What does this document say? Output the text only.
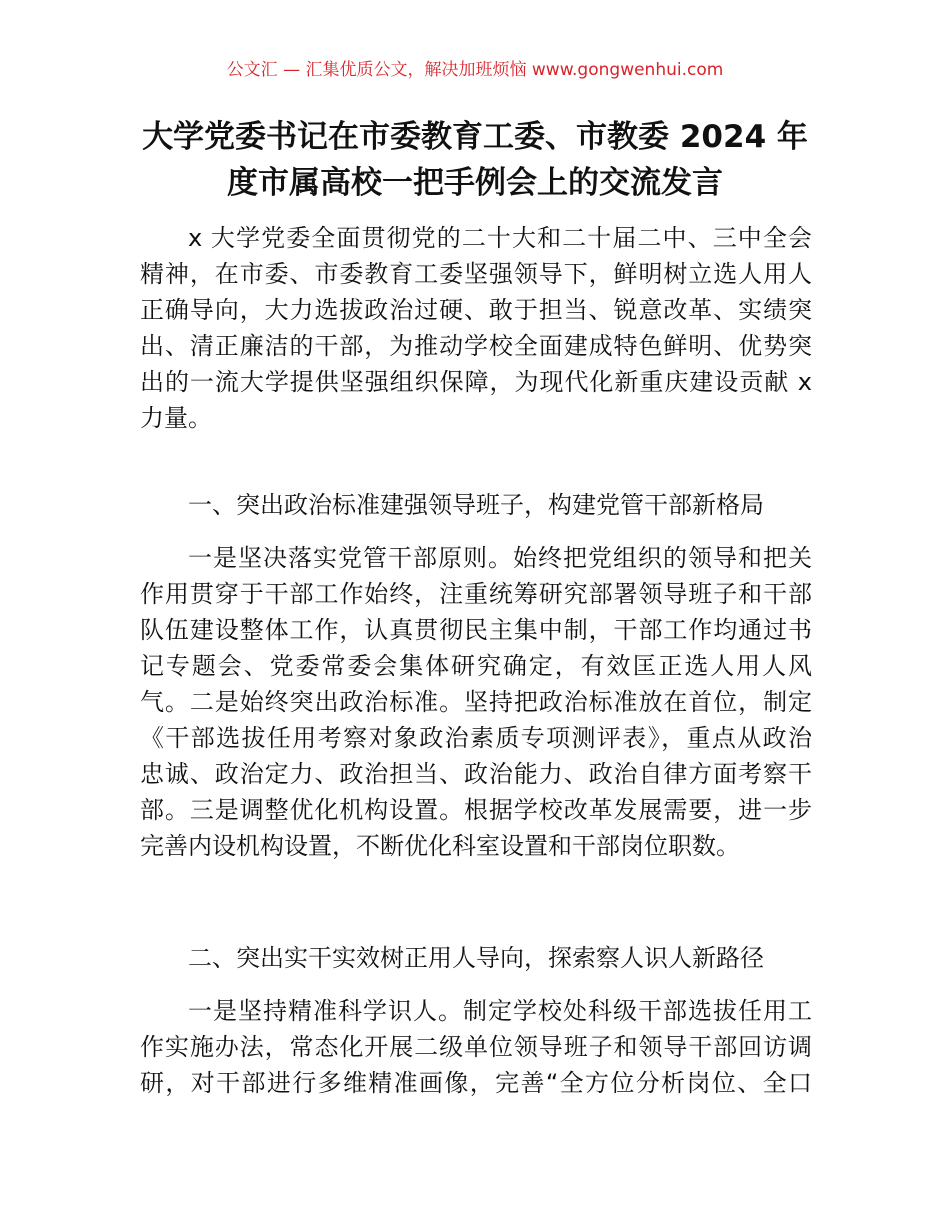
公文汇 — 汇集优质公文，解决加班烦恼 www.gongwenhui.com
大学党委书记在市委教育工委、市教委 2024 年
度市属高校一把手例会上的交流发言
x 大学党委全面贯彻党的二十大和二十届二中、三中全会
精神，在市委、市委教育工委坚强领导下，鲜明树立选人用人
正确导向，大力选拔政治过硬、敢于担当、锐意改革、实绩突
出、清正廉洁的干部，为推动学校全面建成特色鲜明、优势突
出的一流大学提供坚强组织保障，为现代化新重庆建设贡献 x
力量。
一、突出政治标准建强领导班子，构建党管干部新格局
一是坚决落实党管干部原则。始终把党组织的领导和把关
作用贯穿于干部工作始终，注重统筹研究部署领导班子和干部
队伍建设整体工作，认真贯彻民主集中制，干部工作均通过书
记专题会、党委常委会集体研究确定，有效匡正选人用人风
气。二是始终突出政治标准。坚持把政治标准放在首位，制定
《干部选拔任用考察对象政治素质专项测评表》，重点从政治
忠诚、政治定力、政治担当、政治能力、政治自律方面考察干
部。三是调整优化机构设置。根据学校改革发展需要，进一步
完善内设机构设置，不断优化科室设置和干部岗位职数。
二、突出实干实效树正用人导向，探索察人识人新路径
一是坚持精准科学识人。制定学校处科级干部选拔任用工
作实施办法，常态化开展二级单位领导班子和领导干部回访调
研，对干部进行多维精准画像，完善“全方位分析岗位、全口
